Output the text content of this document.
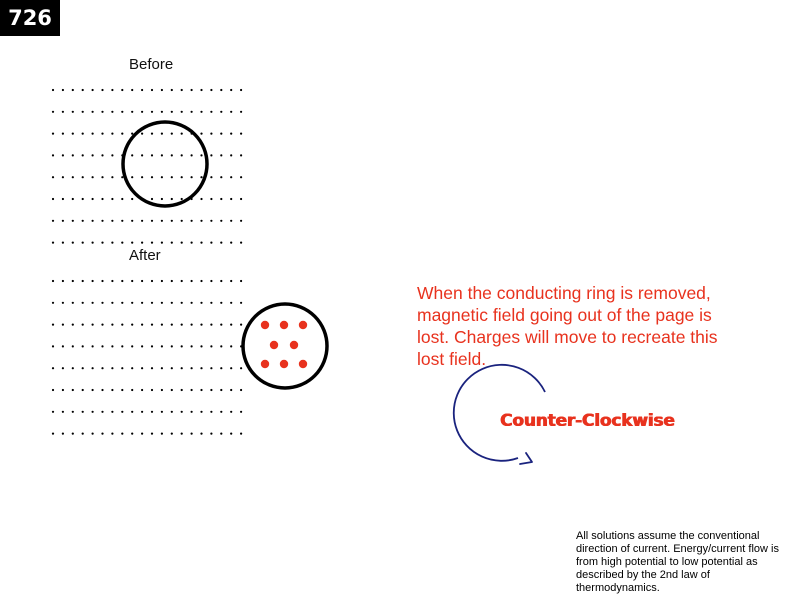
726
Before
After
When the conducting ring is removed, magnetic field going out of the page is lost. Charges will move to recreate this lost field.
Counter-Clockwise
All solutions assume the conventional direction of current. Energy/current flow is from high potential to low potential as described by the 2nd law of thermodynamics.
